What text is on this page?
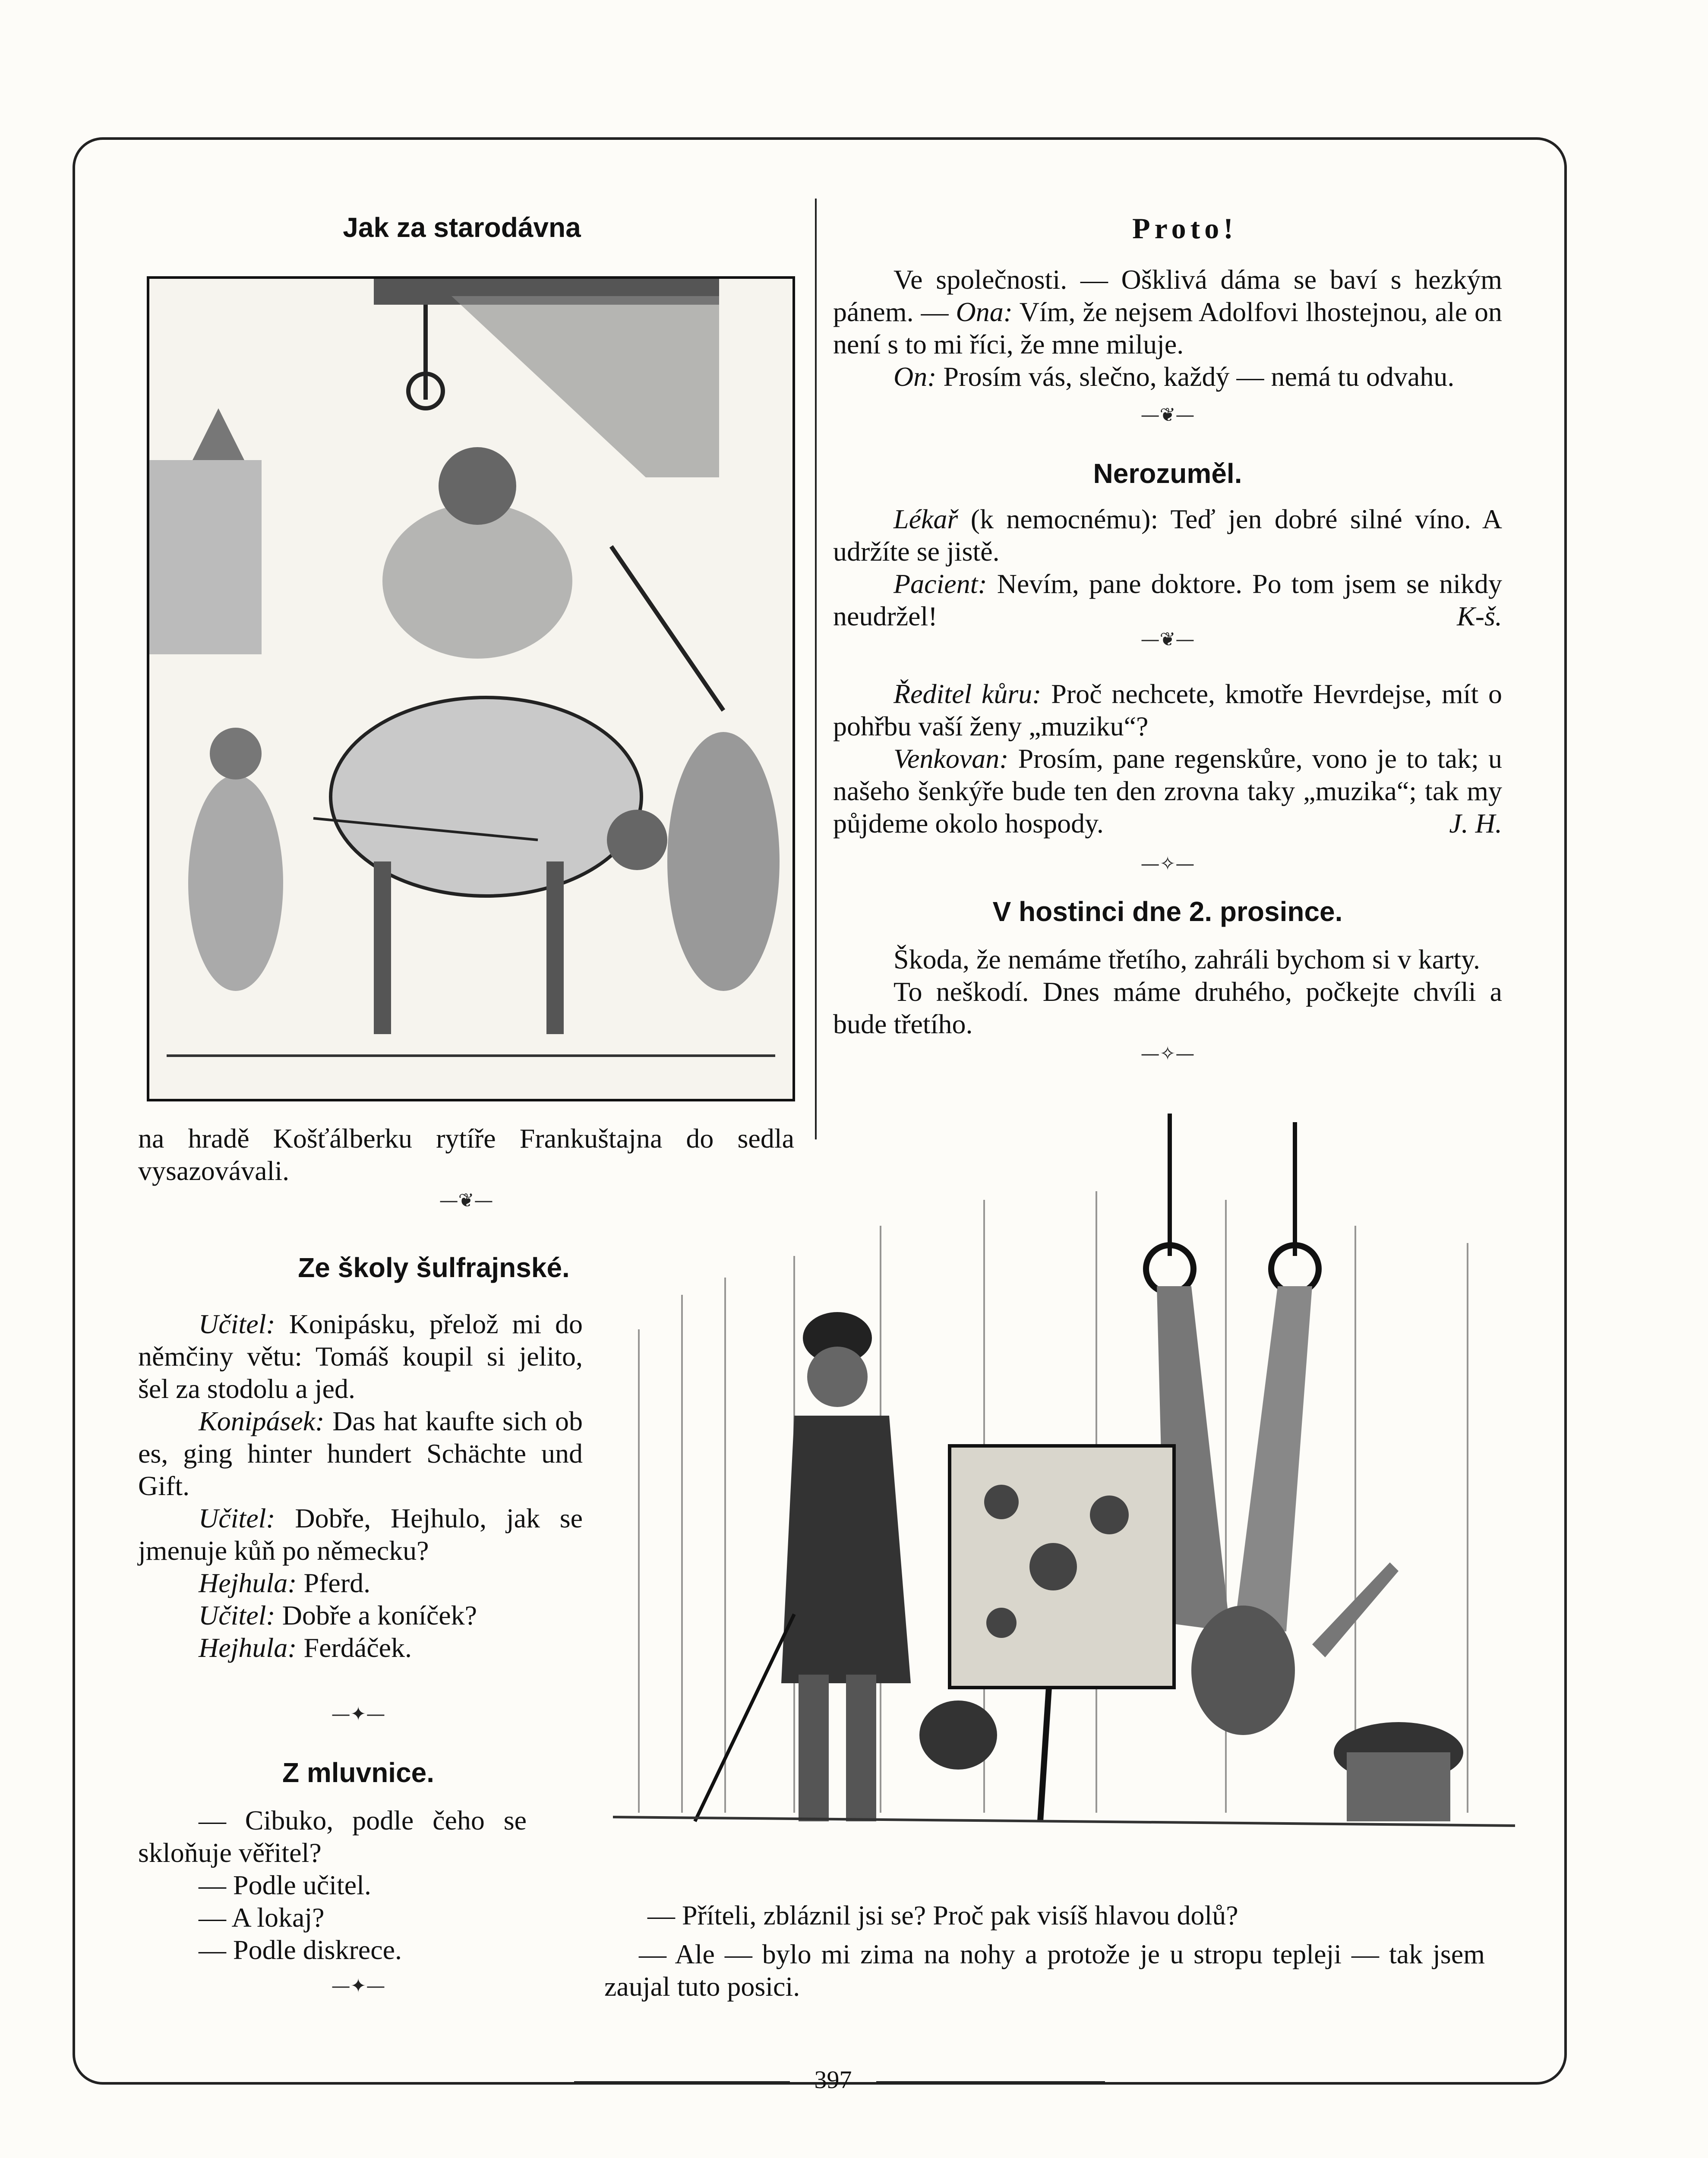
Jak za starodávna
na hradě Košťálberku rytíře Frankuštajna do sedla vysazovávali.
—❦—
Ze školy šulfrajnské.

Učitel: Konipásku, přelož mi do němčiny větu: Tomáš koupil si jelito, šel za stodolu a jed.

Konipásek: Das hat kaufte sich ob es, ging hinter hundert Schächte und Gift.

Učitel: Dobře, Hejhulo, jak se jmenuje kůň po německu?

Hejhula: Pferd.

Učitel: Dobře a koníček?

Hejhula: Ferdáček.

—✦—
Z mluvnice.

— Cibuko, podle čeho se skloňuje věřitel?

— Podle učitel.

— A lokaj?

— Podle diskrece.

—✦—
Proto!

Ve společnosti. — Ošklivá dáma se baví s hezkým pánem. — Ona: Vím, že nejsem Adolfovi lhostejnou, ale on není s to mi říci, že mne miluje.

On: Prosím vás, slečno, každý — nemá tu odvahu.

—❦—
Nerozuměl.

Lékař (k nemocnému): Teď jen dobré silné víno. A udržíte se jistě.

Pacient: Nevím, pane doktore. Po tom jsem se nikdy neudržel!	K-š.

—❦—

Ředitel kůru: Proč nechcete, kmotře Hevrdejse, mít o pohřbu vaší ženy „muziku“?

Venkovan: Prosím, pane regenskůre, vono je to tak; u našeho šenkýře bude ten den zrovna taky „muzika“; tak my půjdeme okolo hospody.	J. H.

—✧—
V hostinci dne 2. prosince.

Škoda, že nemáme třetího, zahráli bychom si v karty.

To neškodí. Dnes máme druhého, počkejte chvíli a bude třetího.

—✧—
— Příteli, zbláznil jsi se? Proč pak visíš hlavou dolů?
— Ale — bylo mi zima na nohy a protože je u stropu tepleji — tak jsem zaujal tuto posici.
397
